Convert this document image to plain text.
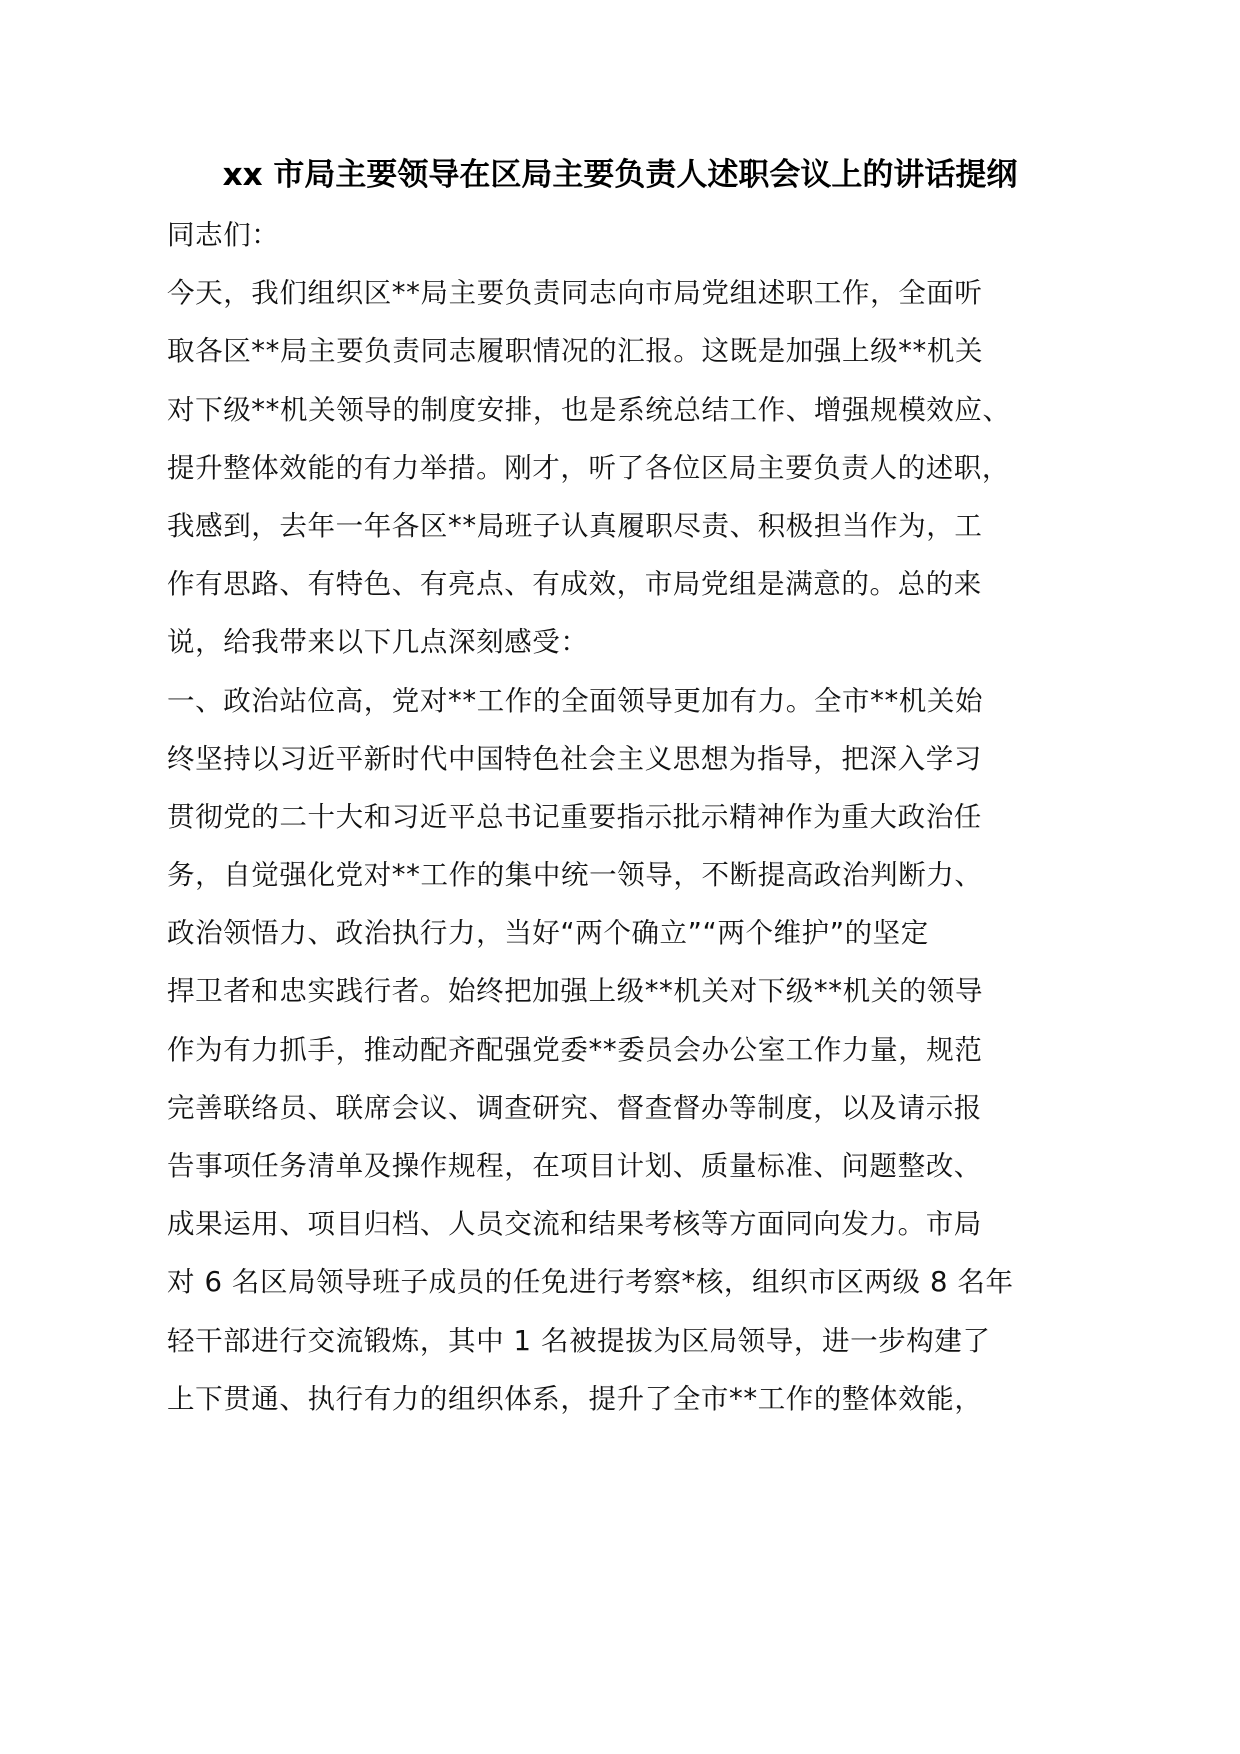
xx 市局主要领导在区局主要负责人述职会议上的讲话提纲
同志们：
今天，我们组织区**局主要负责同志向市局党组述职工作，全面听
取各区**局主要负责同志履职情况的汇报。这既是加强上级**机关
对下级**机关领导的制度安排，也是系统总结工作、增强规模效应、
提升整体效能的有力举措。刚才，听了各位区局主要负责人的述职，
我感到，去年一年各区**局班子认真履职尽责、积极担当作为，工
作有思路、有特色、有亮点、有成效，市局党组是满意的。总的来
说，给我带来以下几点深刻感受：
一、政治站位高，党对**工作的全面领导更加有力。全市**机关始
终坚持以习近平新时代中国特色社会主义思想为指导，把深入学习
贯彻党的二十大和习近平总书记重要指示批示精神作为重大政治任
务，自觉强化党对**工作的集中统一领导，不断提高政治判断力、
政治领悟力、政治执行力，当好“两个确立”“两个维护”的坚定
捍卫者和忠实践行者。始终把加强上级**机关对下级**机关的领导
作为有力抓手，推动配齐配强党委**委员会办公室工作力量，规范
完善联络员、联席会议、调查研究、督查督办等制度，以及请示报
告事项任务清单及操作规程，在项目计划、质量标准、问题整改、
成果运用、项目归档、人员交流和结果考核等方面同向发力。市局
对 6 名区局领导班子成员的任免进行考察*核，组织市区两级 8 名年
轻干部进行交流锻炼，其中 1 名被提拔为区局领导，进一步构建了
上下贯通、执行有力的组织体系，提升了全市**工作的整体效能，
